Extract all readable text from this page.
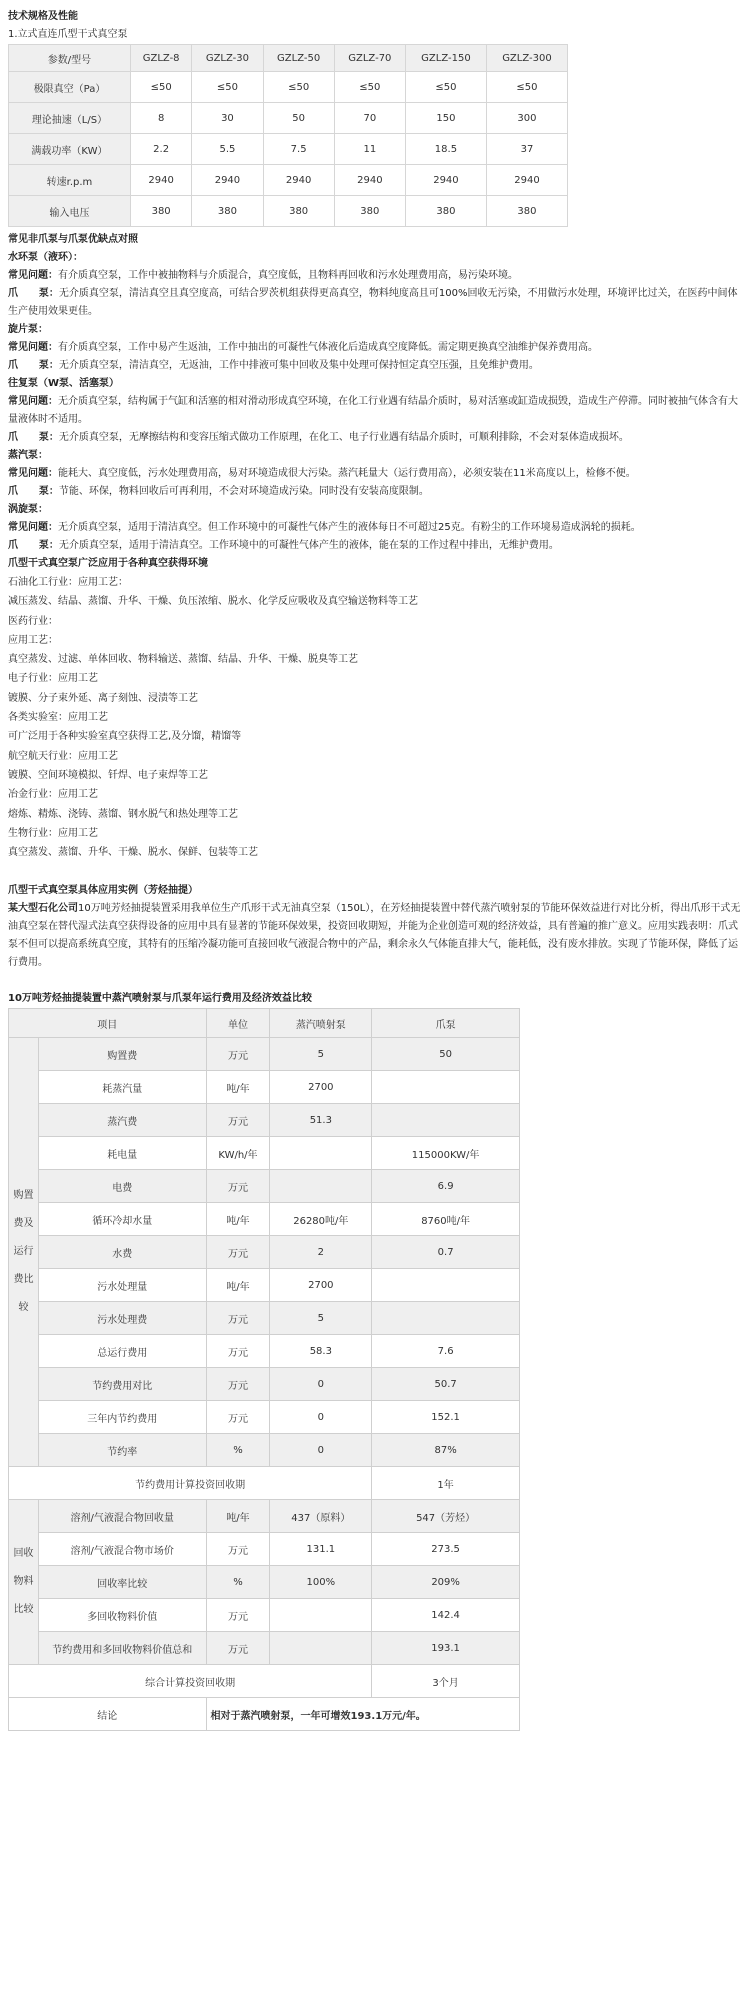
技术规格及性能

1.立式直连爪型干式真空泵

参数/型号	GZLZ-8	GZLZ-30	GZLZ-50	GZLZ-70	GZLZ-150	GZLZ-300
极限真空（Pa）	≤50	≤50	≤50	≤50	≤50	≤50
理论抽速（L/S）	8	30	50	70	150	300
满载功率（KW）	2.2	5.5	7.5	11	18.5	37
转速r.p.m	2940	2940	2940	2940	2940	2940
输入电压	380	380	380	380	380	380

常见非爪泵与爪泵优缺点对照

水环泵（液环）：

常见问题：有介质真空泵，工作中被抽物料与介质混合，真空度低，且物料再回收和污水处理费用高，易污染环境。

爪      泵：无介质真空泵，清洁真空且真空度高，可结合罗茨机组获得更高真空，物料纯度高且可100%回收无污染，不用做污水处理，环境评比过关，在医药中间体生产使用效果更佳。

旋片泵：

常见问题：有介质真空泵，工作中易产生返油，工作中抽出的可凝性气体液化后造成真空度降低。需定期更换真空油维护保养费用高。

爪      泵：无介质真空泵，清洁真空，无返油，工作中排液可集中回收及集中处理可保持恒定真空压强，且免维护费用。

往复泵（W泵、活塞泵）

常见问题：无介质真空泵，结构属于气缸和活塞的相对滑动形成真空环境，在化工行业遇有结晶介质时，易对活塞或缸造成损毁，造成生产停滞。同时被抽气体含有大量液体时不适用。

爪      泵：无介质真空泵，无摩擦结构和变容压缩式做功工作原理，在化工、电子行业遇有结晶介质时，可顺利排除，不会对泵体造成损坏。

蒸汽泵：

常见问题：能耗大、真空度低，污水处理费用高，易对环境造成很大污染。蒸汽耗量大（运行费用高），必须安装在11米高度以上，检修不便。

爪      泵：节能、环保，物料回收后可再利用，不会对环境造成污染。同时没有安装高度限制。

涡旋泵：

常见问题：无介质真空泵，适用于清洁真空。但工作环境中的可凝性气体产生的液体每日不可超过25克。有粉尘的工作环境易造成涡轮的损耗。

爪      泵：无介质真空泵，适用于清洁真空。工作环境中的可凝性气体产生的液体，能在泵的工作过程中排出，无维护费用。

爪型干式真空泵广泛应用于各种真空获得环境

石油化工行业：应用工艺：
减压蒸发、结晶、蒸馏、升华、干燥、负压浓缩、脱水、化学反应吸收及真空输送物料等工艺
医药行业：
应用工艺：
真空蒸发、过滤、单体回收、物料输送、蒸馏、结晶、升华、干燥、脱臭等工艺
电子行业：应用工艺
镀膜、分子束外延、离子刻蚀、浸渍等工艺
各类实验室：应用工艺
可广泛用于各种实验室真空获得工艺,及分馏，精馏等
航空航天行业：应用工艺
镀膜、空间环境模拟、钎焊、电子束焊等工艺
冶金行业：应用工艺
熔炼、精炼、浇铸、蒸馏、钢水脱气和热处理等工艺
生物行业：应用工艺
真空蒸发、蒸馏、升华、干燥、脱水、保鲜、包装等工艺

爪型干式真空泵具体应用实例（芳烃抽提）

某大型石化公司10万吨芳烃抽提装置采用我单位生产爪形干式无油真空泵（150L），在芳烃抽提装置中替代蒸汽喷射泵的节能环保效益进行对比分析，得出爪形干式无油真空泵在替代湿式法真空获得设备的应用中具有显著的节能环保效果，投资回收期短，并能为企业创造可观的经济效益，具有普遍的推广意义。应用实践表明：爪式泵不但可以提高系统真空度，其特有的压缩冷凝功能可直接回收气液混合物中的产品，剩余永久气体能直排大气，能耗低，没有废水排放。实现了节能环保，降低了运行费用。

10万吨芳烃抽提装置中蒸汽喷射泵与爪泵年运行费用及经济效益比较

项目		单位	蒸汽喷射泵	爪泵
购置费及运行费比较	购置费	万元	5	50
	耗蒸汽量	吨/年	2700	
	蒸汽费	万元	51.3	
	耗电量	KW/h/年		115000KW/年
	电费	万元		6.9
	循环冷却水量	吨/年	26280吨/年	8760吨/年
	水费	万元	2	0.7
	污水处理量	吨/年	2700	
	污水处理费	万元	5	
	总运行费用	万元	58.3	7.6
	节约费用对比	万元	0	50.7
	三年内节约费用	万元	0	152.1
	节约率	%	0	87%
节约费用计算投资回收期				1年
回收物料比较	溶剂/气液混合物回收量	吨/年	437（原料）	547（芳烃）
	溶剂/气液混合物市场价	万元	131.1	273.5
	回收率比较	%	100%	209%
	多回收物料价值	万元		142.4
	节约费用和多回收物料价值总和	万元		193.1
综合计算投资回收期				3个月
结论		相对于蒸汽喷射泵，一年可增效193.1万元/年。		
